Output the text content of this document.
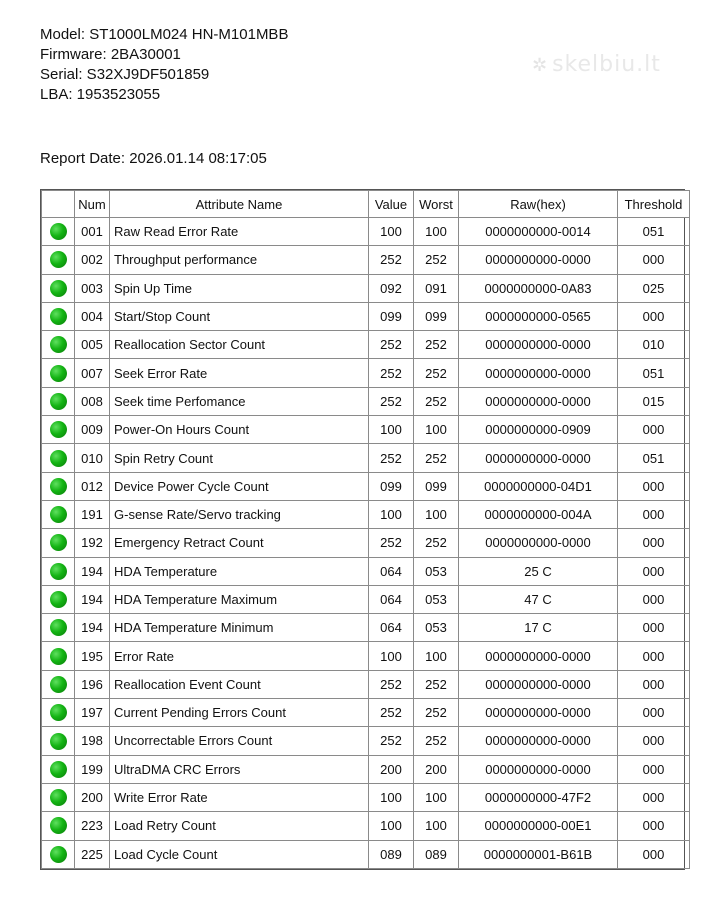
Model: ST1000LM024 HN-M101MBB
Firmware: 2BA30001
Serial: S32XJ9DF501859
LBA: 1953523055
✲ skelbiu.lt
Report Date: 2026.01.14 08:17:05
	Num	Attribute Name	Value	Worst	Raw(hex)	Threshold
	001	Raw Read Error Rate	100	100	0000000000-0014	051
	002	Throughput performance	252	252	0000000000-0000	000
	003	Spin Up Time	092	091	0000000000-0A83	025
	004	Start/Stop Count	099	099	0000000000-0565	000
	005	Reallocation Sector Count	252	252	0000000000-0000	010
	007	Seek Error Rate	252	252	0000000000-0000	051
	008	Seek time Perfomance	252	252	0000000000-0000	015
	009	Power-On Hours Count	100	100	0000000000-0909	000
	010	Spin Retry Count	252	252	0000000000-0000	051
	012	Device Power Cycle Count	099	099	0000000000-04D1	000
	191	G-sense Rate/Servo tracking	100	100	0000000000-004A	000
	192	Emergency Retract Count	252	252	0000000000-0000	000
	194	HDA Temperature	064	053	25 C	000
	194	HDA Temperature Maximum	064	053	47 C	000
	194	HDA Temperature Minimum	064	053	17 C	000
	195	Error Rate	100	100	0000000000-0000	000
	196	Reallocation Event Count	252	252	0000000000-0000	000
	197	Current Pending Errors Count	252	252	0000000000-0000	000
	198	Uncorrectable Errors Count	252	252	0000000000-0000	000
	199	UltraDMA CRC Errors	200	200	0000000000-0000	000
	200	Write Error Rate	100	100	0000000000-47F2	000
	223	Load Retry Count	100	100	0000000000-00E1	000
	225	Load Cycle Count	089	089	0000000001-B61B	000
